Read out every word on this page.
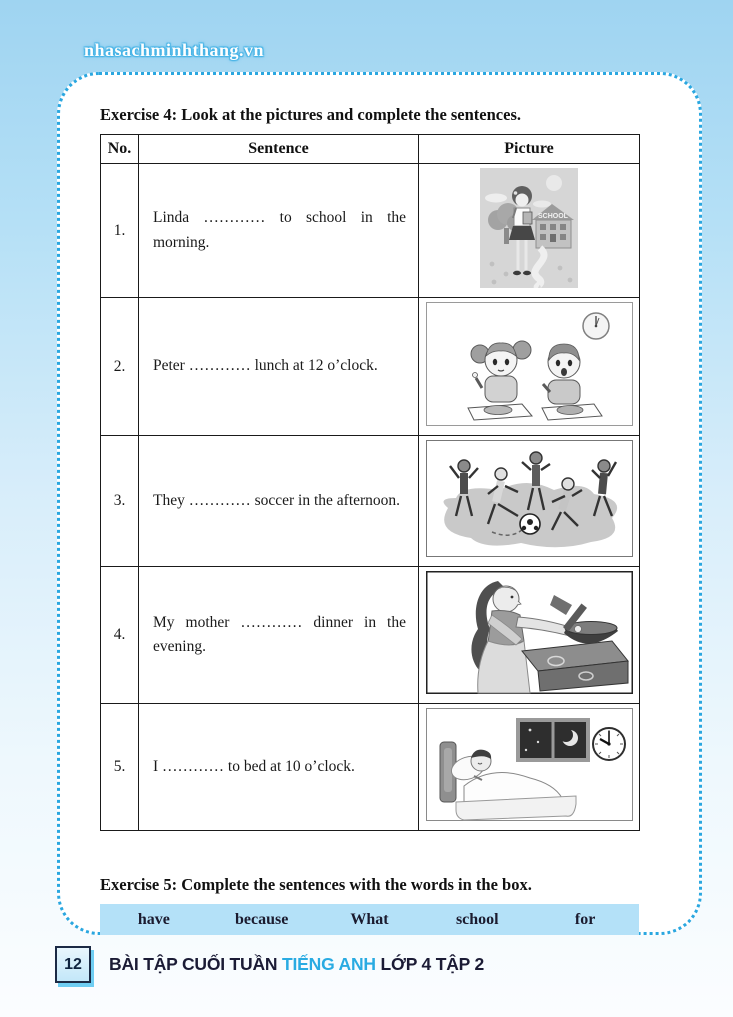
nhasachminhthang.vn
Exercise 4: Look at the pictures and complete the sentences.
No.	Sentence	Picture
1.	Linda ………… to school in the morning.	SCHOOL

2.	Peter ………… lunch at 12 o’clock.	
3.	They ………… soccer in the afternoon.	
4.	My mother ………… dinner in the evening.	
5.	I ………… to bed at 10 o’clock.	
Exercise 5: Complete the sentences with the words in the box.
have	because	What	school	for
12	BÀI TẬP CUỐI TUẦN TIẾNG ANH LỚP 4 TẬP 2
